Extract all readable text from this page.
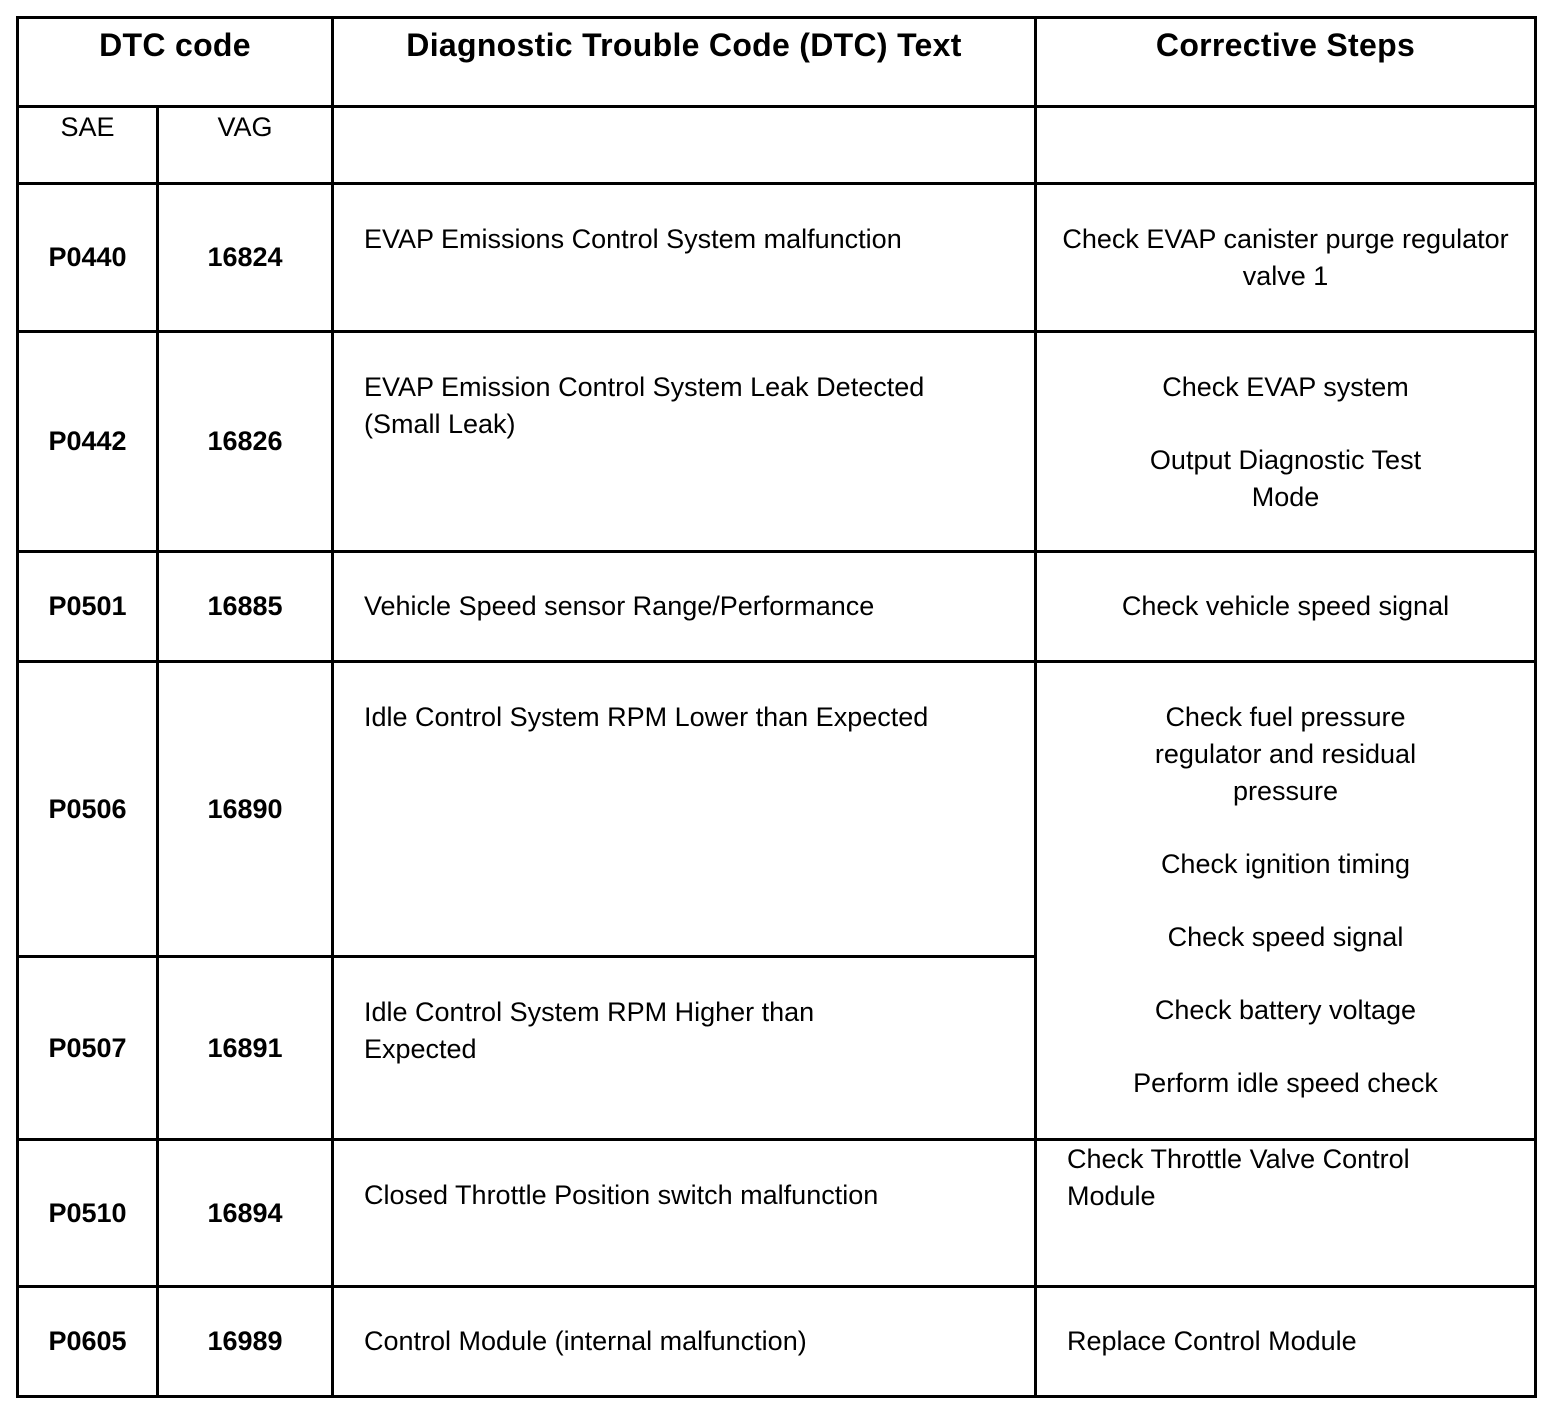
DTC code		Diagnostic Trouble Code (DTC) Text	Corrective Steps
SAE	VAG		
P0440	16824	EVAP Emissions Control System malfunction	Check EVAP canister purge regulator valve 1

P0442	16826	EVAP Emission Control System Leak Detected (Small Leak)	Check EVAP system

Output Diagnostic Test Mode

P0501	16885	Vehicle Speed sensor Range/Performance	Check vehicle speed signal

P0506	16890	Idle Control System RPM Lower than Expected	Check fuel pressure regulator and residual pressure

Check ignition timing

Check speed signal

Check battery voltage

Perform idle speed check

P0507	16891	Idle Control System RPM Higher than Expected	
P0510	16894	Closed Throttle Position switch malfunction	Check Throttle Valve Control Module

P0605	16989	Control Module (internal malfunction)	Replace Control Module
